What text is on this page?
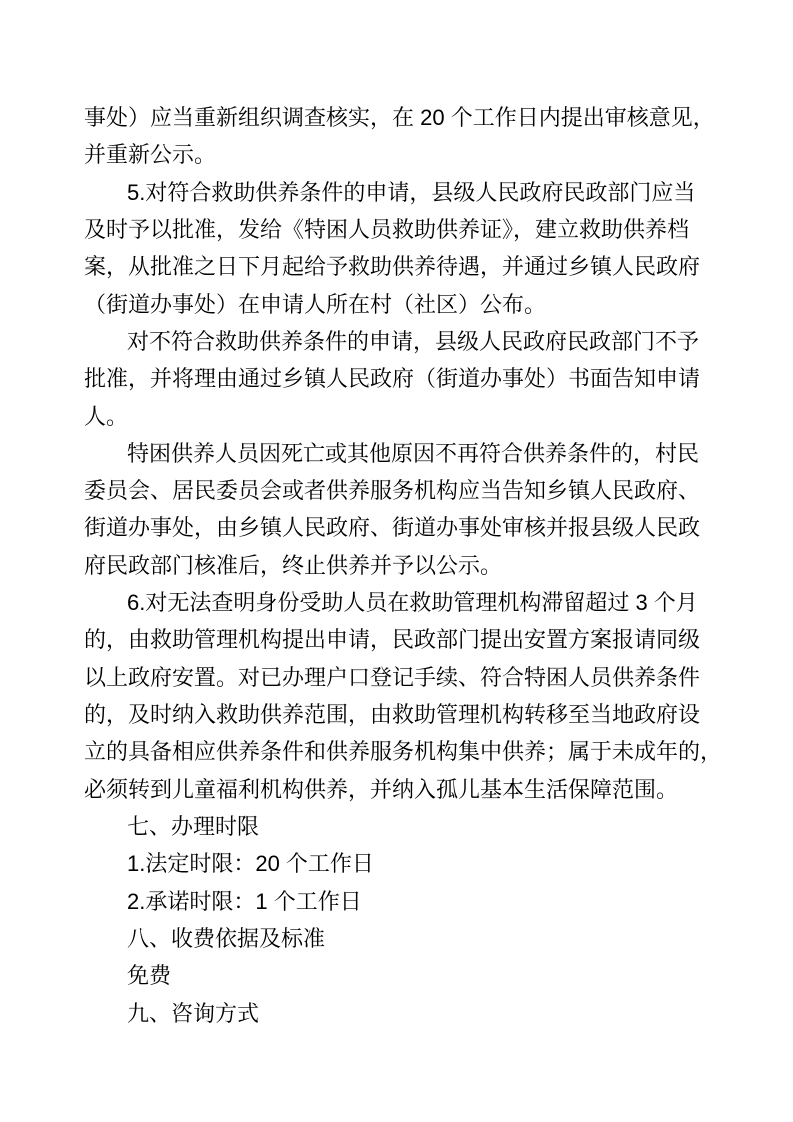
事处）应当重新组织调查核实，在 20 个工作日内提出审核意见，
并重新公示。
5.对符合救助供养条件的申请，县级人民政府民政部门应当
及时予以批准，发给《特困人员救助供养证》，建立救助供养档
案，从批准之日下月起给予救助供养待遇，并通过乡镇人民政府
（街道办事处）在申请人所在村（社区）公布。
对不符合救助供养条件的申请，县级人民政府民政部门不予
批准，并将理由通过乡镇人民政府（街道办事处）书面告知申请
人。
特困供养人员因死亡或其他原因不再符合供养条件的，村民
委员会、居民委员会或者供养服务机构应当告知乡镇人民政府、
街道办事处，由乡镇人民政府、街道办事处审核并报县级人民政
府民政部门核准后，终止供养并予以公示。
6.对无法查明身份受助人员在救助管理机构滞留超过 3 个月
的，由救助管理机构提出申请，民政部门提出安置方案报请同级
以上政府安置。对已办理户口登记手续、符合特困人员供养条件
的，及时纳入救助供养范围，由救助管理机构转移至当地政府设
立的具备相应供养条件和供养服务机构集中供养；属于未成年的，
必须转到儿童福利机构供养，并纳入孤儿基本生活保障范围。
七、办理时限
1.法定时限：20 个工作日
2.承诺时限：1 个工作日
八、收费依据及标准
免费
九、咨询方式
